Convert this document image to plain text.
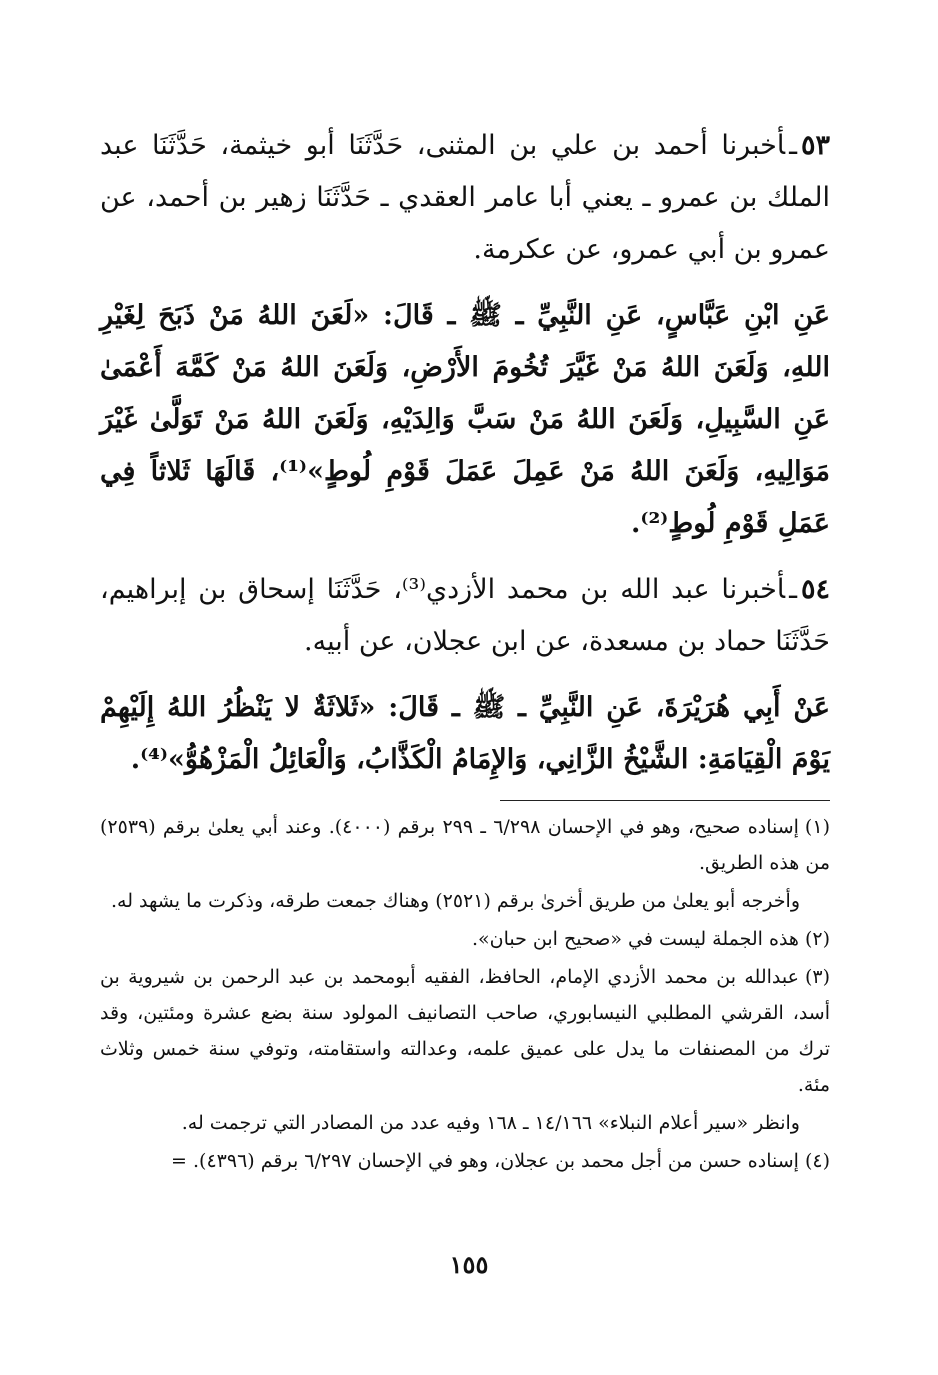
٥٣ـأخبرنا أحمد بن علي بن المثنى، حَدَّثَنَا أبو خيثمة، حَدَّثَنَا عبد الملك بن عمرو ـ يعني أبا عامر العقدي ـ حَدَّثَنَا زهير بن أحمد، عن عمرو بن أبي عمرو، عن عكرمة.

عَنِ ابْنِ عَبَّاسٍ، عَنِ النَّبِيِّ ـ ﷺ ـ قَالَ: «لَعَنَ اللهُ مَنْ ذَبَحَ لِغَيْرِ اللهِ، وَلَعَنَ اللهُ مَنْ غَيَّرَ تُخُومَ الأَرْضِ، وَلَعَنَ اللهُ مَنْ كَمَّهَ أَعْمَىٰ عَنِ السَّبِيلِ، وَلَعَنَ اللهُ مَنْ سَبَّ وَالِدَيْهِ، وَلَعَنَ اللهُ مَنْ تَوَلَّىٰ غَيْرَ مَوَالِيهِ، وَلَعَنَ اللهُ مَنْ عَمِلَ عَمَلَ قَوْمِ لُوطٍ»⁽¹⁾، قَالَهَا ثَلاثاً فِي عَمَلِ قَوْمِ لُوطٍ⁽²⁾.

٥٤ـأخبرنا عبد الله بن محمد الأزدي⁽³⁾، حَدَّثَنَا إسحاق بن إبراهيم، حَدَّثَنَا حماد بن مسعدة، عن ابن عجلان، عن أبيه.

عَنْ أَبِي هُرَيْرَةَ، عَنِ النَّبِيِّ ـ ﷺ ـ قَالَ: «ثَلاثَةٌ لا يَنْظُرُ اللهُ إِلَيْهِمْ يَوْمَ الْقِيَامَةِ: الشَّيْخُ الزَّانِي، وَالإِمَامُ الْكَذَّابُ، وَالْعَائِلُ الْمَزْهُوُّ»⁽⁴⁾.

(١)إسناده صحيح، وهو في الإحسان ٦/٢٩٨ ـ ٢٩٩ برقم (٤٠٠٠). وعند أبي يعلىٰ برقم (٢٥٣٩) من هذه الطريق.

وأخرجه أبو يعلىٰ من طريق أخرىٰ برقم (٢٥٢١) وهناك جمعت طرقه، وذكرت ما يشهد له.

(٢)هذه الجملة ليست في «صحيح ابن حبان».

(٣)عبدالله بن محمد الأزدي الإمام، الحافظ، الفقيه أبومحمد بن عبد الرحمن بن شيروية بن أسد، القرشي المطلبي النيسابوري، صاحب التصانيف المولود سنة بضع عشرة ومئتين، وقد ترك من المصنفات ما يدل على عميق علمه، وعدالته واستقامته، وتوفي سنة خمس وثلاث مئة.

وانظر «سير أعلام النبلاء» ١٤/١٦٦ ـ ١٦٨ وفيه عدد من المصادر التي ترجمت له.

(٤)إسناده حسن من أجل محمد بن عجلان، وهو في الإحسان ٦/٢٩٧ برقم (٤٣٩٦). =

١٥٥
